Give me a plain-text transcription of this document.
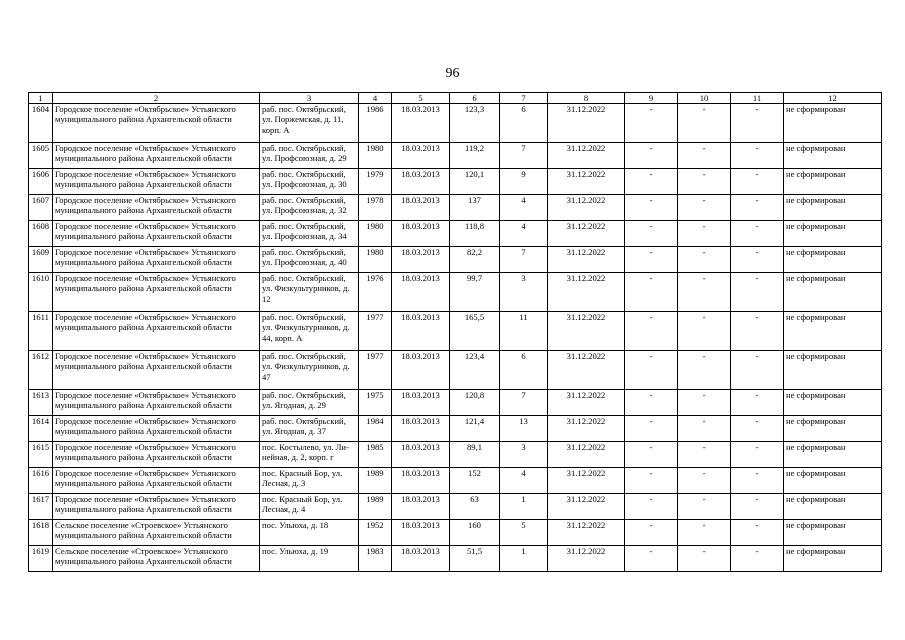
96
1	2	3	4	5	6	7	8	9	10	11	12
1604	Городское поселение «Октябрьское» Устьянского муниципального района Архангельской области	раб. пос. Октябрьский, ул. Поржемская, д. 11, корп. А	1986	18.03.2013	123,3	6	31.12.2022	-	-	-	не сформирован
1605	Городское поселение «Октябрьское» Устьянского муниципального района Архангельской области	раб. пос. Октябрьский, ул. Профсоюзная, д. 29	1980	18.03.2013	119,2	7	31.12.2022	-	-	-	не сформирован
1606	Городское поселение «Октябрьское» Устьянского муниципального района Архангельской области	раб. пос. Октябрьский, ул. Профсоюзная, д. 30	1979	18.03.2013	120,1	9	31.12.2022	-	-	-	не сформирован
1607	Городское поселение «Октябрьское» Устьянского муниципального района Архангельской области	раб. пос. Октябрьский, ул. Профсоюзная, д. 32	1978	18.03.2013	137	4	31.12.2022	-	-	-	не сформирован
1608	Городское поселение «Октябрьское» Устьянского муниципального района Архангельской области	раб. пос. Октябрьский, ул. Профсоюзная, д. 34	1980	18.03.2013	118,8	4	31.12.2022	-	-	-	не сформирован
1609	Городское поселение «Октябрьское» Устьянского муниципального района Архангельской области	раб. пос. Октябрьский, ул. Профсоюзная, д. 40	1980	18.03.2013	82,2	7	31.12.2022	-	-	-	не сформирован
1610	Городское поселение «Октябрьское» Устьянского муниципального района Архангельской области	раб. пос. Октябрьский, ул. Физкультурников, д. 12	1976	18.03.2013	99,7	3	31.12.2022	-	-	-	не сформирован
1611	Городское поселение «Октябрьское» Устьянского муниципального района Архангельской области	раб. пос. Октябрьский, ул. Физкультурников, д. 44, корп. А	1977	18.03.2013	165,5	11	31.12.2022	-	-	-	не сформирован
1612	Городское поселение «Октябрьское» Устьянского муниципального района Архангельской области	раб. пос. Октябрьский, ул. Физкультурников, д. 47	1977	18.03.2013	123,4	6	31.12.2022	-	-	-	не сформирован
1613	Городское поселение «Октябрьское» Устьянского муниципального района Архангельской области	раб. пос. Октябрьский, ул. Ягодная, д. 29	1975	18.03.2013	120,8	7	31.12.2022	-	-	-	не сформирован
1614	Городское поселение «Октябрьское» Устьянского муниципального района Архангельской области	раб. пос. Октябрьский, ул. Ягодная, д. 37	1984	18.03.2013	121,4	13	31.12.2022	-	-	-	не сформирован
1615	Городское поселение «Октябрьское» Устьянского муниципального района Архангельской области	пос. Костылево, ул. Линейная, д. 2, корп. г	1985	18.03.2013	89,1	3	31.12.2022	-	-	-	не сформирован
1616	Городское поселение «Октябрьское» Устьянского муниципального района Архангельской области	пос. Красный Бор, ул. Лесная, д. 3	1989	18.03.2013	152	4	31.12.2022	-	-	-	не сформирован
1617	Городское поселение «Октябрьское» Устьянского муниципального района Архангельской области	пос. Красный Бор, ул. Лесная, д. 4	1989	18.03.2013	63	1	31.12.2022	-	-	-	не сформирован
1618	Сельское поселение «Строевское» Устьянского муниципального района Архангельской области	пос. Ульюха, д. 18	1952	18.03.2013	160	5	31.12.2022	-	-	-	не сформирован
1619	Сельское поселение «Строевское» Устьянского муниципального района Архангельской области	пос. Ульюха, д. 19	1983	18.03.2013	51,5	1	31.12.2022	-	-	-	не сформирован
